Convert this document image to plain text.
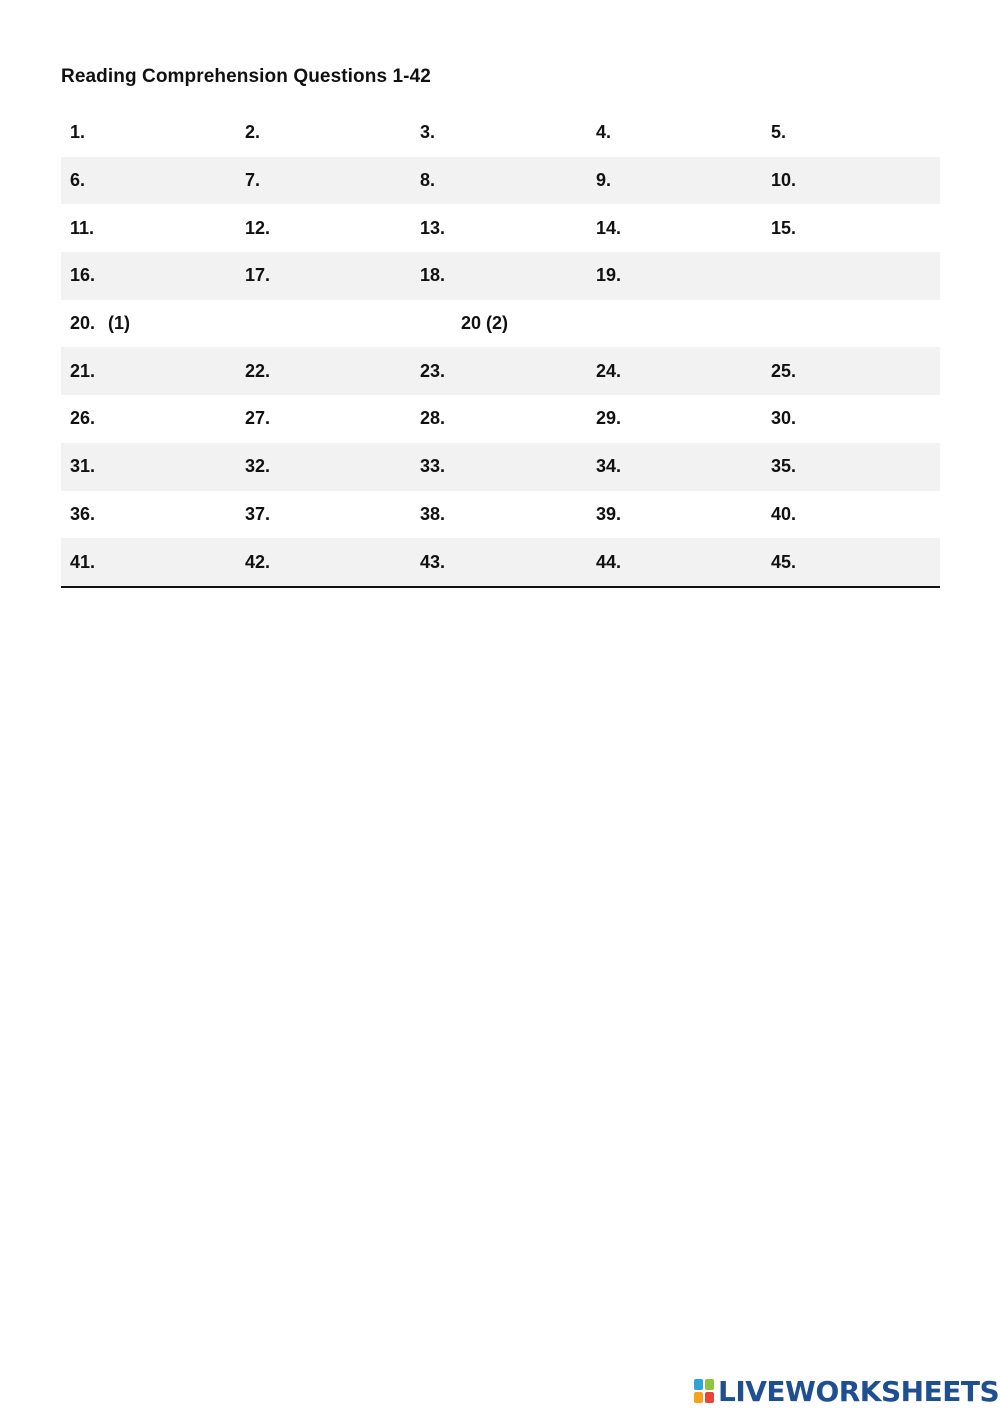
Reading Comprehension Questions 1-42
1.	2.	3.	4.	5.
6.	7.	8.	9.	10.
11.	12.	13.	14.	15.
16.	17.	18.	19.
20. (1)	20 (2)
21.	22.	23.	24.	25.
26.	27.	28.	29.	30.
31.	32.	33.	34.	35.
36.	37.	38.	39.	40.
41.	42.	43.	44.	45.
LIVEWORKSHEETS
